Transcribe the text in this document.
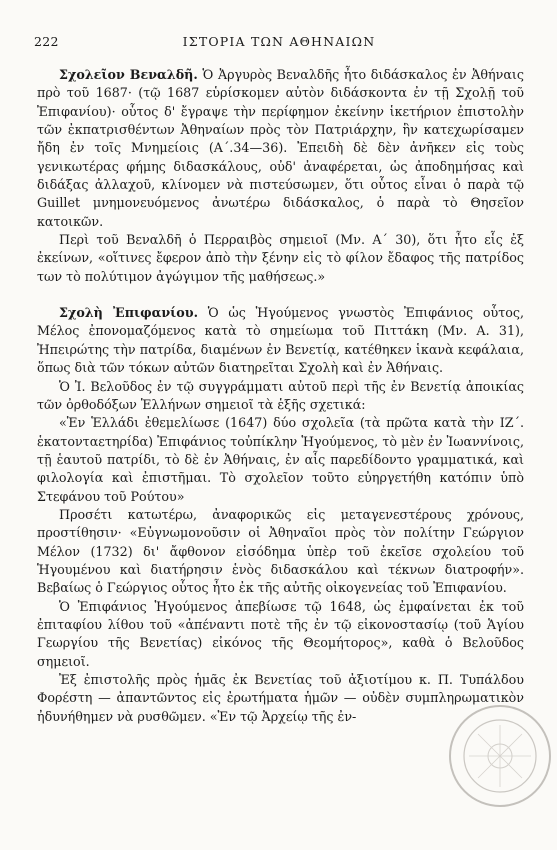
222	ΙΣΤΟΡΙΑ ΤΩΝ ΑΘΗΝΑΙΩΝ

Σχολεῖον Βεναλδῆ. Ὁ Ἀργυρὸς Βεναλδῆς ἦτο διδάσκαλος ἐν Ἀθήναις πρὸ τοῦ 1687· (τῷ 1687 εὑρίσκομεν αὐτὸν διδάσκοντα ἐν τῇ Σχολῇ τοῦ Ἐπιφανίου)· οὗτος δ' ἔγραψε τὴν περίφημον ἐκείνην ἱκετήριον ἐπιστολὴν τῶν ἐκπατρισθέντων Ἀθηναίων πρὸς τὸν Πατριάρχην, ἣν κατεχωρίσαμεν ἤδη ἐν τοῖς Μνημείοις (Α΄.34—36). Ἐπειδὴ δὲ δὲν ἀνῆκεν εἰς τοὺς γενικωτέρας φήμης διδασκάλους, οὐδ' ἀναφέρεται, ὡς ἀποδημήσας καὶ διδάξας ἀλλαχοῦ, κλίνομεν νὰ πιστεύσωμεν, ὅτι οὗτος εἶναι ὁ παρὰ τῷ Guillet μνημονευόμενος ἀνωτέρω διδάσκαλος, ὁ παρὰ τὸ Θησεῖον κατοικῶν.

Περὶ τοῦ Βεναλδῆ ὁ Περραιβὸς σημειοῖ (Μν. Α΄ 30), ὅτι ἦτο εἷς ἐξ ἐκείνων, «οἵτινες ἔφερον ἀπὸ τὴν ξένην εἰς τὸ φίλον ἔδαφος τῆς πατρίδος των τὸ πολύτιμον ἀγώγιμον τῆς μαθήσεως.»

Σχολὴ Ἐπιφανίου. Ὁ ὡς Ἡγούμενος γνωστὸς Ἐπιφάνιος οὗτος, Μέλος ἐπονομαζόμενος κατὰ τὸ σημείωμα τοῦ Πιττάκη (Μν. Α. 31), Ἠπειρώτης τὴν πατρίδα, διαμένων ἐν Βενετίᾳ, κατέθηκεν ἱκανὰ κεφάλαια, ὅπως διὰ τῶν τόκων αὐτῶν διατηρεῖται Σχολὴ καὶ ἐν Ἀθήναις.

Ὁ Ἰ. Βελοῦδος ἐν τῷ συγγράμματι αὐτοῦ περὶ τῆς ἐν Βενετίᾳ ἀποικίας τῶν ὀρθοδόξων Ἑλλήνων σημειοῖ τὰ ἑξῆς σχετικά:

«Ἐν Ἑλλάδι ἐθεμελίωσε (1647) δύο σχολεῖα (τὰ πρῶτα κατὰ τὴν ΙΖ΄. ἑκατονταετηρίδα) Ἐπιφάνιος τοὐπίκλην Ἡγούμενος, τὸ μὲν ἐν Ἰωαννίνοις, τῇ ἑαυτοῦ πατρίδι, τὸ δὲ ἐν Ἀθήναις, ἐν αἷς παρεδίδοντο γραμματικά, καὶ φιλολογία καὶ ἐπιστῆμαι. Τὸ σχολεῖον τοῦτο εὐηργετήθη κατόπιν ὑπὸ Στεφάνου τοῦ Ρούτου»

Προσέτι κατωτέρω, ἀναφορικῶς εἰς μεταγενεστέρους χρόνους, προστίθησιν· «Εὐγνωμονοῦσιν οἱ Ἀθηναῖοι πρὸς τὸν πολίτην Γεώργιον Μέλον (1732) δι' ἄφθονον εἰσόδημα ὑπὲρ τοῦ ἐκεῖσε σχολείου τοῦ Ἡγουμένου καὶ διατήρησιν ἑνὸς διδασκάλου καὶ τέκνων διατροφήν». Βεβαίως ὁ Γεώργιος οὗτος ἦτο ἐκ τῆς αὐτῆς οἰκογενείας τοῦ Ἐπιφανίου.

Ὁ Ἐπιφάνιος Ἡγούμενος ἀπεβίωσε τῷ 1648, ὡς ἐμφαίνεται ἐκ τοῦ ἐπιταφίου λίθου τοῦ «ἀπέναντι ποτὲ τῆς ἐν τῷ εἰκονοστασίῳ (τοῦ Ἁγίου Γεωργίου τῆς Βενετίας) εἰκόνος τῆς Θεομήτορος», καθὰ ὁ Βελοῦδος σημειοῖ.

Ἐξ ἐπιστολῆς πρὸς ἡμᾶς ἐκ Βενετίας τοῦ ἀξιοτίμου κ. Π. Τυπάλδου Φορέστη — ἀπαντῶντος εἰς ἐρωτήματα ἡμῶν — οὐδὲν συμπληρωματικὸν ἠδυνήθημεν νὰ ρυσθῶμεν. «Ἐν τῷ Ἀρχείῳ τῆς ἐν-
